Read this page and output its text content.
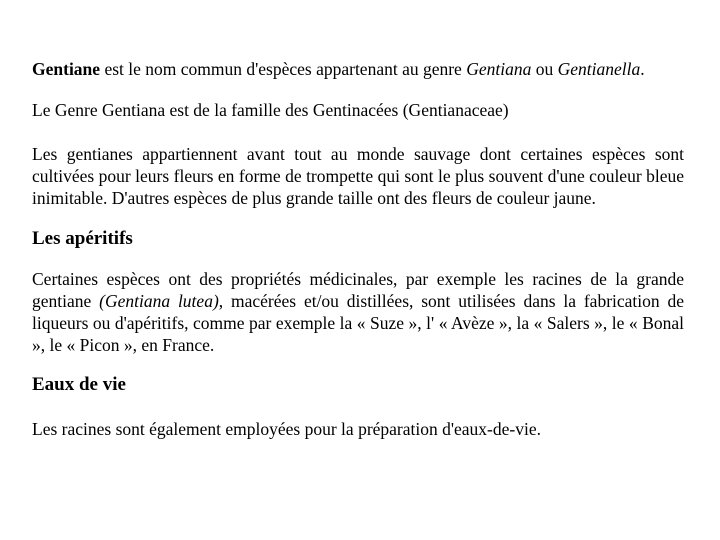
Gentiane est le nom commun d'espèces appartenant au genre Gentiana ou Gentianella.

Le Genre Gentiana est de la famille des Gentinacées (Gentianaceae)

Les gentianes appartiennent avant tout au monde sauvage dont certaines espèces sont cultivées pour leurs fleurs en forme de trompette qui sont le plus souvent d'une couleur bleue inimitable. D'autres espèces de plus grande taille ont des fleurs de couleur jaune.

Les apéritifs

Certaines espèces ont des propriétés médicinales, par exemple les racines de la grande gentiane (Gentiana lutea), macérées et/ou distillées, sont utilisées dans la fabrication de liqueurs ou d'apéritifs, comme par exemple la « Suze », l' « Avèze », la « Salers », le « Bonal », le « Picon », en France.

Eaux de vie

Les racines sont également employées pour la préparation d'eaux-de-vie.
